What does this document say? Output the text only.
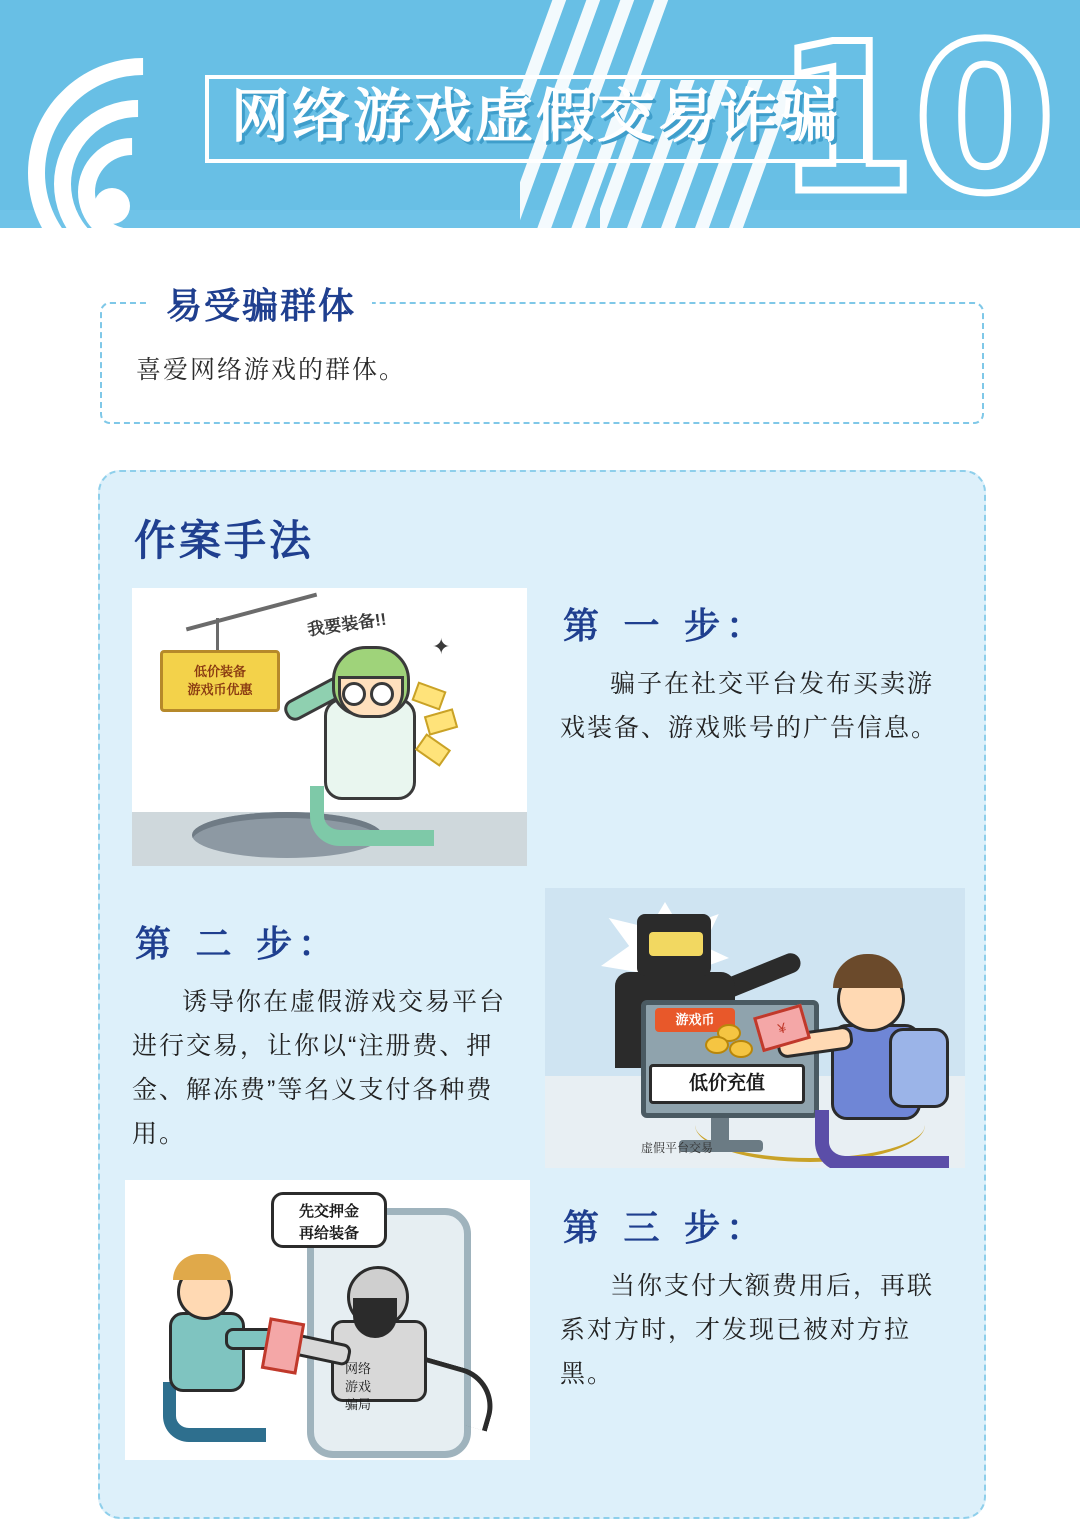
10
网络游戏虚假交易诈骗
易受骗群体
喜爱网络游戏的群体。
作案手法
低价装备
游戏币优惠
我要装备!!
✦	第 一 步：
骗子在社交平台发布买卖游戏装备、游戏账号的广告信息。
游戏币
低价充值
虚假平台交易
¥
第 二 步：
诱导你在虚假游戏交易平台进行交易，让你以“注册费、押金、解冻费”等名义支付各种费用。
网络
游戏
骗局
先交押金
再给装备	第 三 步：
当你支付大额费用后，再联系对方时，才发现已被对方拉黑。
